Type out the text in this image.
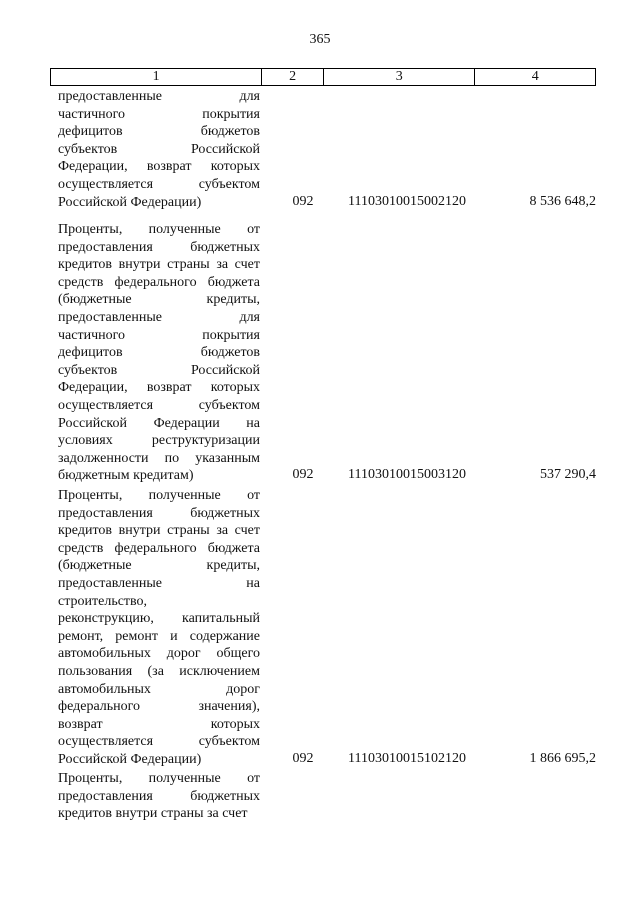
365
1	2	3	4
предоставленные для
частичного покрытия
дефицитов бюджетов
субъектов Российской
Федерации, возврат которых
осуществляется субъектом
Российской Федерации)	092	11103010015002120	8 536 648,2
Проценты, полученные от
предоставления бюджетных
кредитов внутри страны за счет
средств федерального бюджета
(бюджетные кредиты,
предоставленные для
частичного покрытия
дефицитов бюджетов
субъектов Российской
Федерации, возврат которых
осуществляется субъектом
Российской Федерации на
условиях реструктуризации
задолженности по указанным
бюджетным кредитам)	092	11103010015003120	537 290,4
Проценты, полученные от
предоставления бюджетных
кредитов внутри страны за счет
средств федерального бюджета
(бюджетные кредиты,
предоставленные на
строительство,
реконструкцию, капитальный
ремонт, ремонт и содержание
автомобильных дорог общего
пользования (за исключением
автомобильных дорог
федерального значения),
возврат которых
осуществляется субъектом
Российской Федерации)	092	11103010015102120	1 866 695,2
Проценты, полученные от
предоставления бюджетных
кредитов внутри страны за счет
